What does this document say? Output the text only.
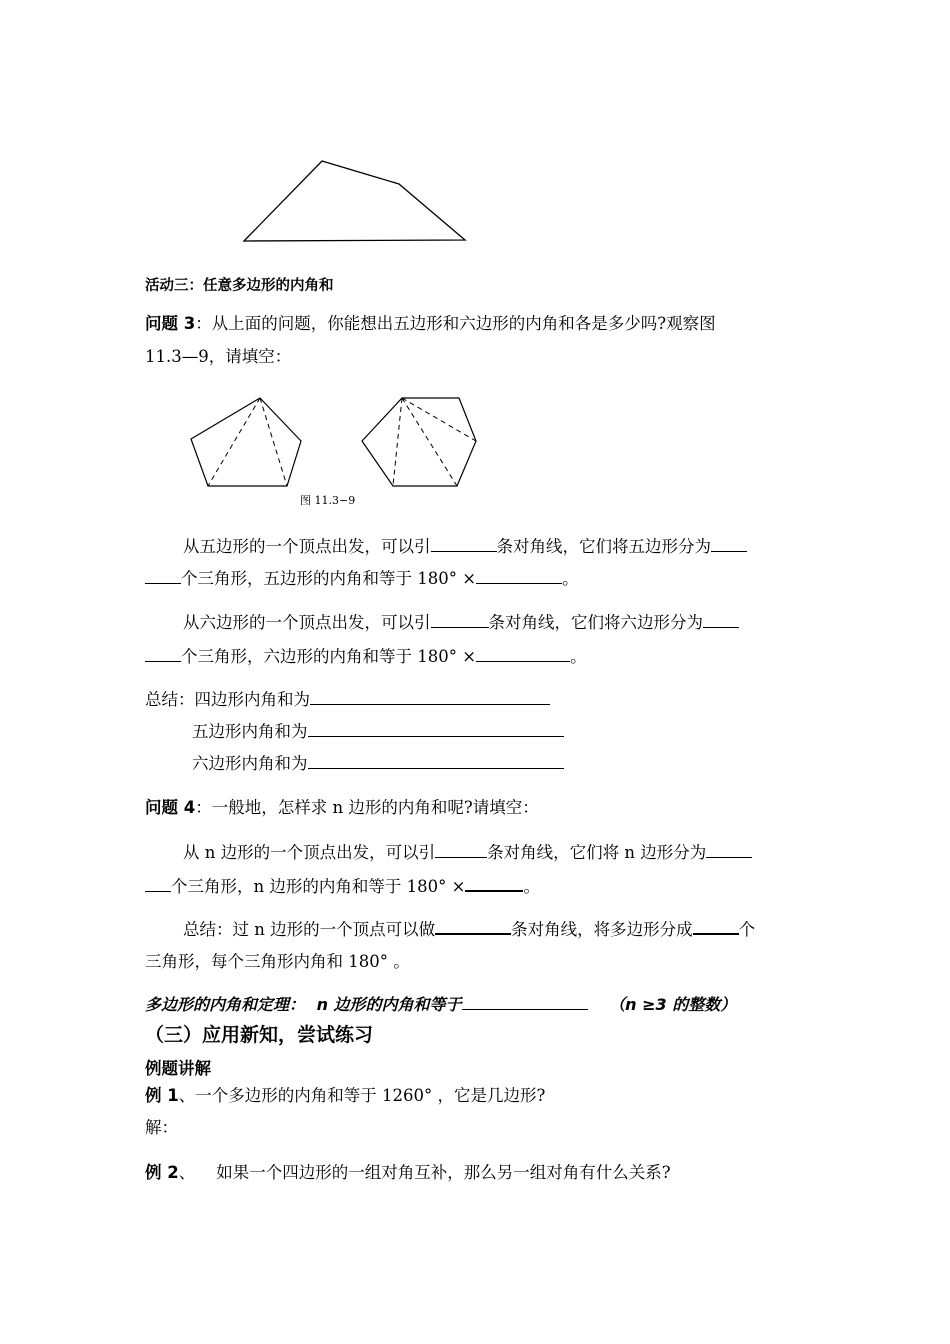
活动三：任意多边形的内角和
问题 3：从上面的问题，你能想出五边形和六边形的内角和各是多少吗?观察图
11.3—9，请填空：
图 11.3−9
从五边形的一个顶点出发，可以引	条对角线，它们将五边形分为
个三角形，五边形的内角和等于 180° ×	。
从六边形的一个顶点出发，可以引	条对角线，它们将六边形分为
个三角形，六边形的内角和等于 180° ×	。
总结：四边形内角和为
五边形内角和为
六边形内角和为
问题 4：一般地，怎样求 n 边形的内角和呢?请填空：
从 n 边形的一个顶点出发，可以引	条对角线，它们将 n 边形分为
个三角形，n 边形的内角和等于 180° ×	。
总结：过 n 边形的一个顶点可以做	条对角线，将多边形分成	个
三角形，每个三角形内角和 180° 。
多边形的内角和定理： n 边形的内角和等于	（n ≥3 的整数）
（三）应用新知，尝试练习
例题讲解
例 1、一个多边形的内角和等于 1260° ，它是几边形?
解：
例 2、    如果一个四边形的一组对角互补，那么另一组对角有什么关系?
